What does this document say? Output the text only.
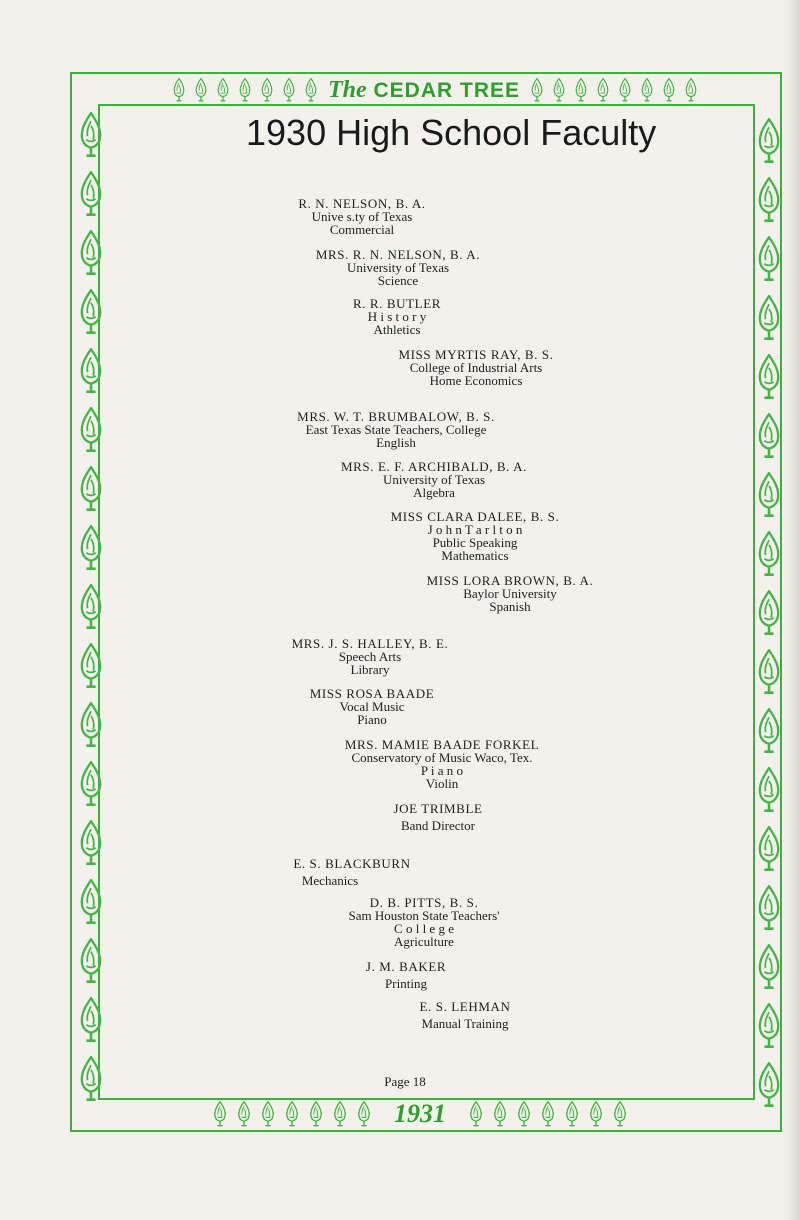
The CEDAR TREE
1931
1930 High School Faculty
R. N. NELSON, B. A.
Unive s.ty of Texas
Commercial
MRS. R. N. NELSON, B. A.
University of Texas
Science
R. R. BUTLER
H i s t o r y
Athletics
MISS MYRTIS RAY, B. S.
College of Industrial Arts
Home Economics
MRS. W. T. BRUMBALOW, B. S.
East Texas State Teachers, College
English
MRS. E. F. ARCHIBALD, B. A.
University of Texas
Algebra
MISS CLARA DALEE, B. S.
J o h n T a r l t o n
Public Speaking
Mathematics
MISS LORA BROWN, B. A.
Baylor University
Spanish
MRS. J. S. HALLEY, B. E.
Speech Arts
Library
MISS ROSA BAADE
Vocal Music
Piano
MRS. MAMIE BAADE FORKEL
Conservatory of Music Waco, Tex.
P i a n o
Violin
JOE TRIMBLE
Band Director
E. S. BLACKBURN
Mechanics
D. B. PITTS, B. S.
Sam Houston State Teachers'
C o l l e g e
Agriculture
J. M. BAKER
Printing
E. S. LEHMAN
Manual Training
Page 18
